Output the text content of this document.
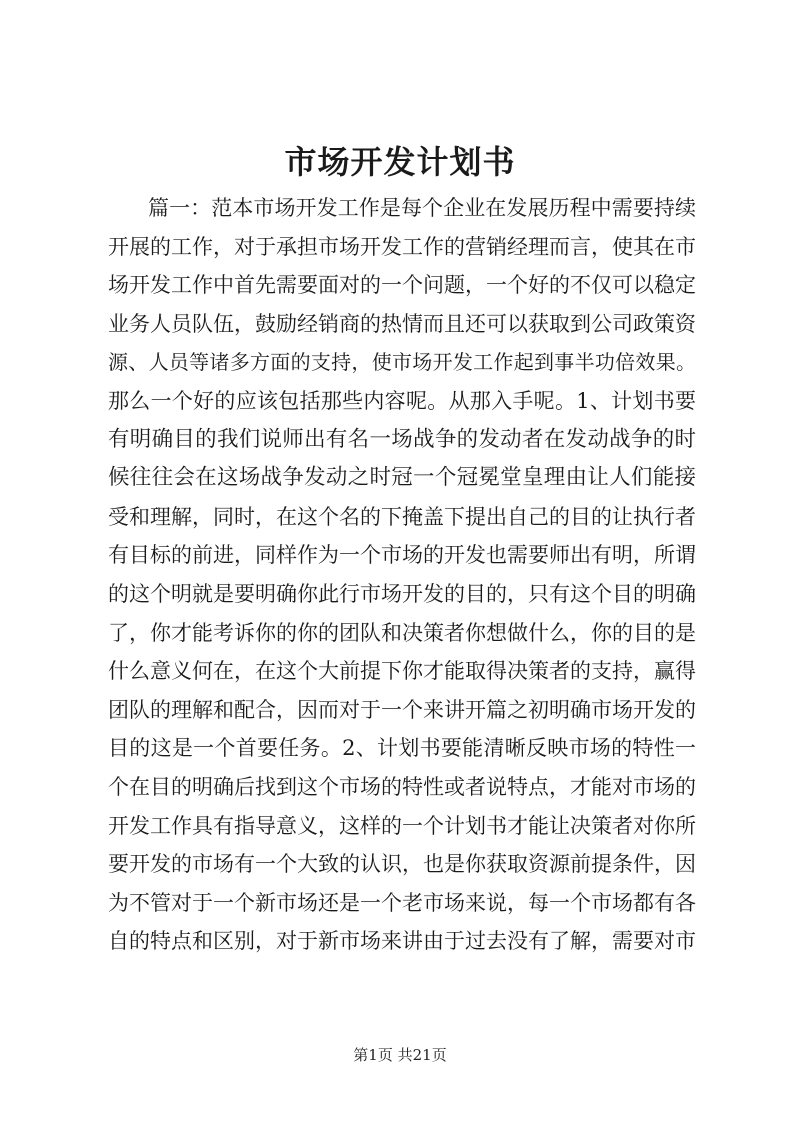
市场开发计划书
篇一：范本市场开发工作是每个企业在发展历程中需要持续
开展的工作，对于承担市场开发工作的营销经理而言，使其在市
场开发工作中首先需要面对的一个问题，一个好的不仅可以稳定
业务人员队伍，鼓励经销商的热情而且还可以获取到公司政策资
源、人员等诸多方面的支持，使市场开发工作起到事半功倍效果。
那么一个好的应该包括那些内容呢。从那入手呢。1、计划书要
有明确目的我们说师出有名一场战争的发动者在发动战争的时
候往往会在这场战争发动之时冠一个冠冕堂皇理由让人们能接
受和理解，同时，在这个名的下掩盖下提出自己的目的让执行者
有目标的前进，同样作为一个市场的开发也需要师出有明，所谓
的这个明就是要明确你此行市场开发的目的，只有这个目的明确
了，你才能考诉你的你的团队和决策者你想做什么，你的目的是
什么意义何在，在这个大前提下你才能取得决策者的支持，赢得
团队的理解和配合，因而对于一个来讲开篇之初明确市场开发的
目的这是一个首要任务。2、计划书要能清晰反映市场的特性一
个在目的明确后找到这个市场的特性或者说特点，才能对市场的
开发工作具有指导意义，这样的一个计划书才能让决策者对你所
要开发的市场有一个大致的认识，也是你获取资源前提条件，因
为不管对于一个新市场还是一个老市场来说，每一个市场都有各
自的特点和区别，对于新市场来讲由于过去没有了解，需要对市
第1页 共21页
